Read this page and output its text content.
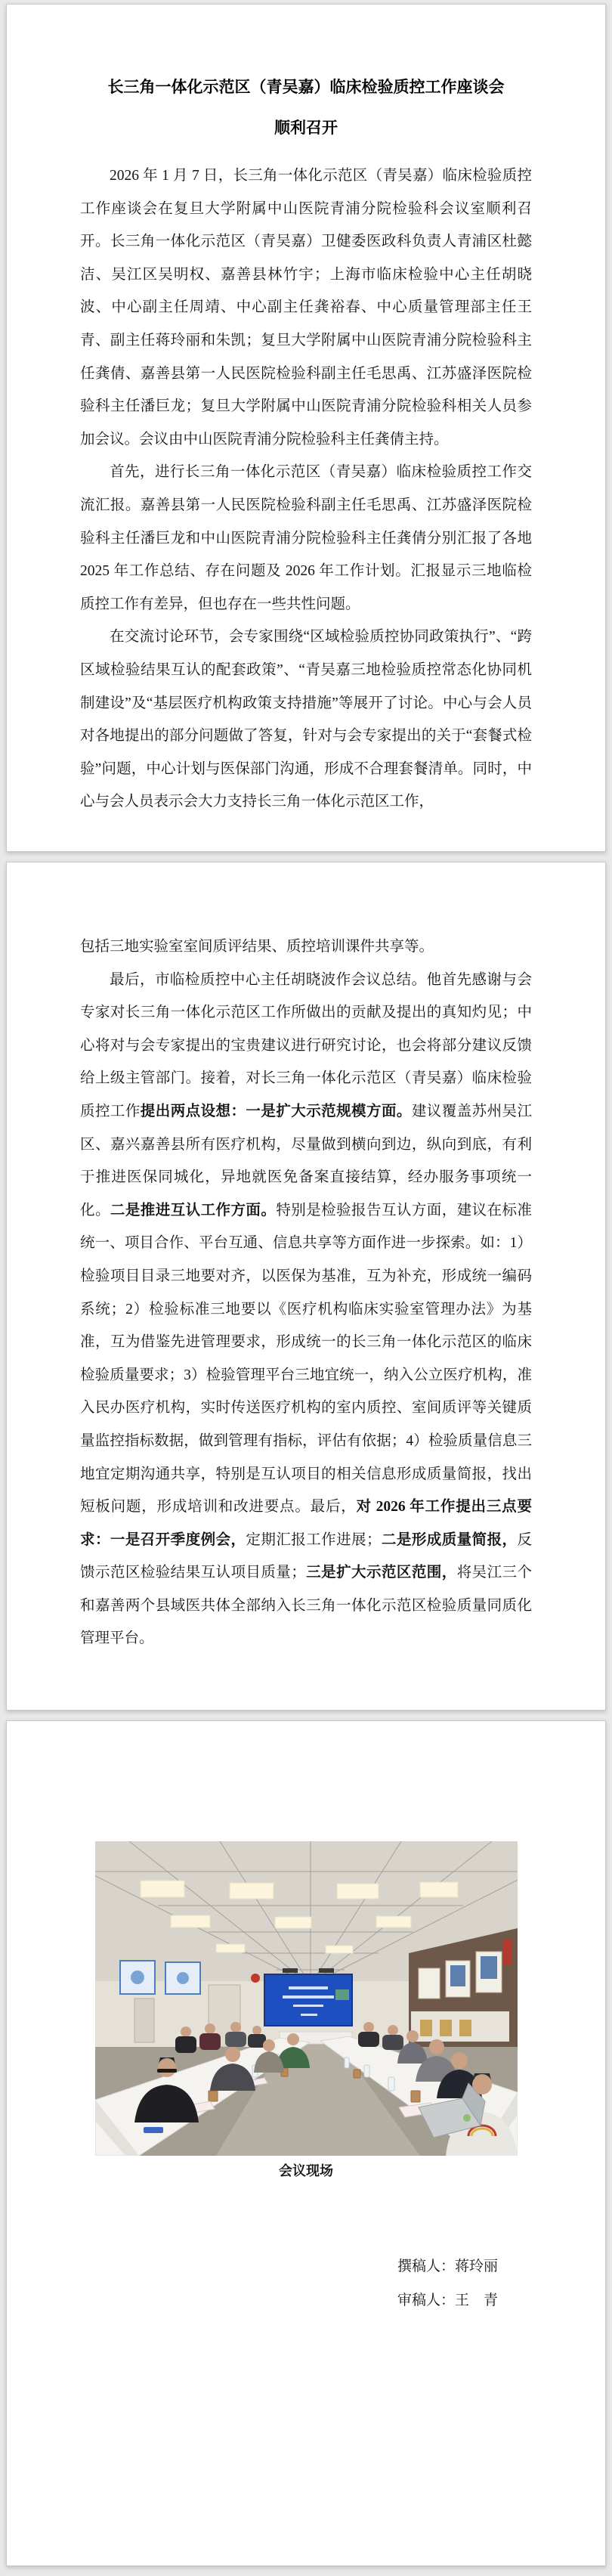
长三角一体化示范区（青吴嘉）临床检验质控工作座谈会
顺利召开

2026 年 1 月 7 日，长三角一体化示范区（青吴嘉）临床检验质控工作座谈会在复旦大学附属中山医院青浦分院检验科会议室顺利召开。长三角一体化示范区（青吴嘉）卫健委医政科负责人青浦区杜懿洁、吴江区吴明权、嘉善县林竹宇；上海市临床检验中心主任胡晓波、中心副主任周靖、中心副主任龚裕春、中心质量管理部主任王青、副主任蒋玲丽和朱凯；复旦大学附属中山医院青浦分院检验科主任龚倩、嘉善县第一人民医院检验科副主任毛思禹、江苏盛泽医院检验科主任潘巨龙；复旦大学附属中山医院青浦分院检验科相关人员参加会议。会议由中山医院青浦分院检验科主任龚倩主持。

首先，进行长三角一体化示范区（青吴嘉）临床检验质控工作交流汇报。嘉善县第一人民医院检验科副主任毛思禹、江苏盛泽医院检验科主任潘巨龙和中山医院青浦分院检验科主任龚倩分别汇报了各地 2025 年工作总结、存在问题及 2026 年工作计划。汇报显示三地临检质控工作有差异，但也存在一些共性问题。

在交流讨论环节，会专家围绕“区域检验质控协同政策执行”、“跨区域检验结果互认的配套政策”、“青吴嘉三地检验质控常态化协同机制建设”及“基层医疗机构政策支持措施”等展开了讨论。中心与会人员对各地提出的部分问题做了答复，针对与会专家提出的关于“套餐式检验”问题，中心计划与医保部门沟通，形成不合理套餐清单。同时，中心与会人员表示会大力支持长三角一体化示范区工作，

包括三地实验室室间质评结果、质控培训课件共享等。

最后，市临检质控中心主任胡晓波作会议总结。他首先感谢与会专家对长三角一体化示范区工作所做出的贡献及提出的真知灼见；中心将对与会专家提出的宝贵建议进行研究讨论，也会将部分建议反馈给上级主管部门。接着，对长三角一体化示范区（青吴嘉）临床检验质控工作提出两点设想：一是扩大示范规模方面。建议覆盖苏州吴江区、嘉兴嘉善县所有医疗机构，尽量做到横向到边，纵向到底，有利于推进医保同城化，异地就医免备案直接结算，经办服务事项统一化。二是推进互认工作方面。特别是检验报告互认方面，建议在标准统一、项目合作、平台互通、信息共享等方面作进一步探索。如：1）检验项目目录三地要对齐，以医保为基准，互为补充，形成统一编码系统；2）检验标准三地要以《医疗机构临床实验室管理办法》为基准，互为借鉴先进管理要求，形成统一的长三角一体化示范区的临床检验质量要求；3）检验管理平台三地宜统一，纳入公立医疗机构，准入民办医疗机构，实时传送医疗机构的室内质控、室间质评等关键质量监控指标数据，做到管理有指标，评估有依据；4）检验质量信息三地宜定期沟通共享，特别是互认项目的相关信息形成质量简报，找出短板问题，形成培训和改进要点。最后，对 2026 年工作提出三点要求：一是召开季度例会，定期汇报工作进展；二是形成质量简报，反馈示范区检验结果互认项目质量；三是扩大示范区范围，将吴江三个和嘉善两个县域医共体全部纳入长三角一体化示范区检验质量同质化管理平台。

会议现场
撰稿人：蒋玲丽
审稿人：王　青
